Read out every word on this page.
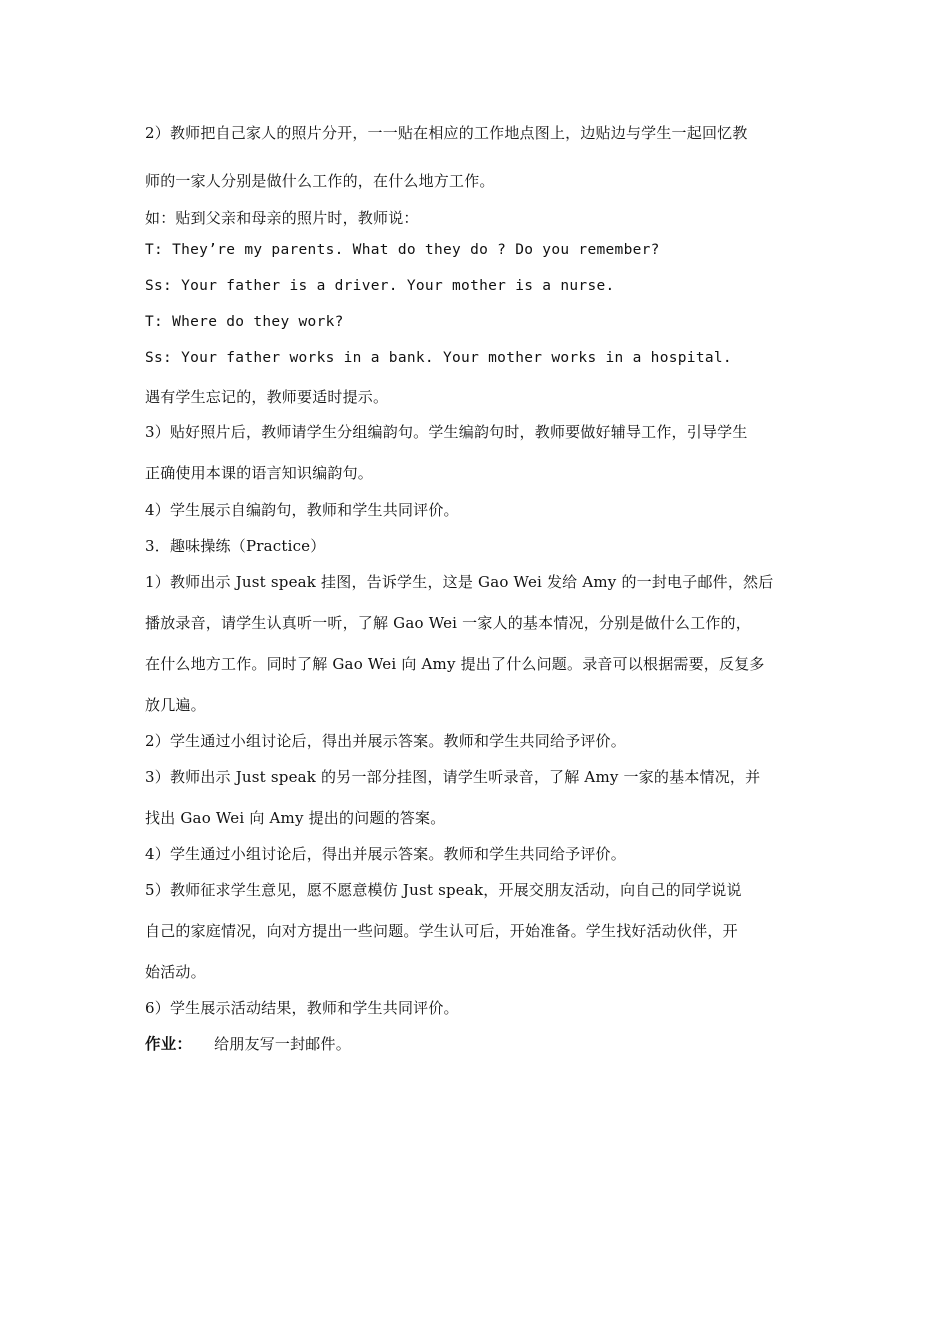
2）教师把自己家人的照片分开，一一贴在相应的工作地点图上，边贴边与学生一起回忆教
师的一家人分别是做什么工作的，在什么地方工作。
如：贴到父亲和母亲的照片时，教师说：
T: They’re my parents. What do they do ? Do you remember?
Ss: Your father is a driver. Your mother is a nurse.
T: Where do they work?
Ss: Your father works in a bank. Your mother works in a hospital.
遇有学生忘记的，教师要适时提示。
3）贴好照片后，教师请学生分组编韵句。学生编韵句时，教师要做好辅导工作，引导学生
正确使用本课的语言知识编韵句。
4）学生展示自编韵句，教师和学生共同评价。
3．趣味操练（Practice）
1）教师出示 Just speak 挂图，告诉学生，这是 Gao Wei 发给 Amy 的一封电子邮件，然后
播放录音，请学生认真听一听，了解 Gao Wei 一家人的基本情况，分别是做什么工作的，
在什么地方工作。同时了解 Gao Wei 向 Amy 提出了什么问题。录音可以根据需要，反复多
放几遍。
2）学生通过小组讨论后，得出并展示答案。教师和学生共同给予评价。
3）教师出示 Just speak 的另一部分挂图，请学生听录音，了解 Amy 一家的基本情况，并
找出 Gao Wei 向 Amy 提出的问题的答案。
4）学生通过小组讨论后，得出并展示答案。教师和学生共同给予评价。
5）教师征求学生意见，愿不愿意模仿 Just speak，开展交朋友活动，向自己的同学说说
自己的家庭情况，向对方提出一些问题。学生认可后，开始准备。学生找好活动伙伴，开
始活动。
6）学生展示活动结果，教师和学生共同评价。
作业： 给朋友写一封邮件。
